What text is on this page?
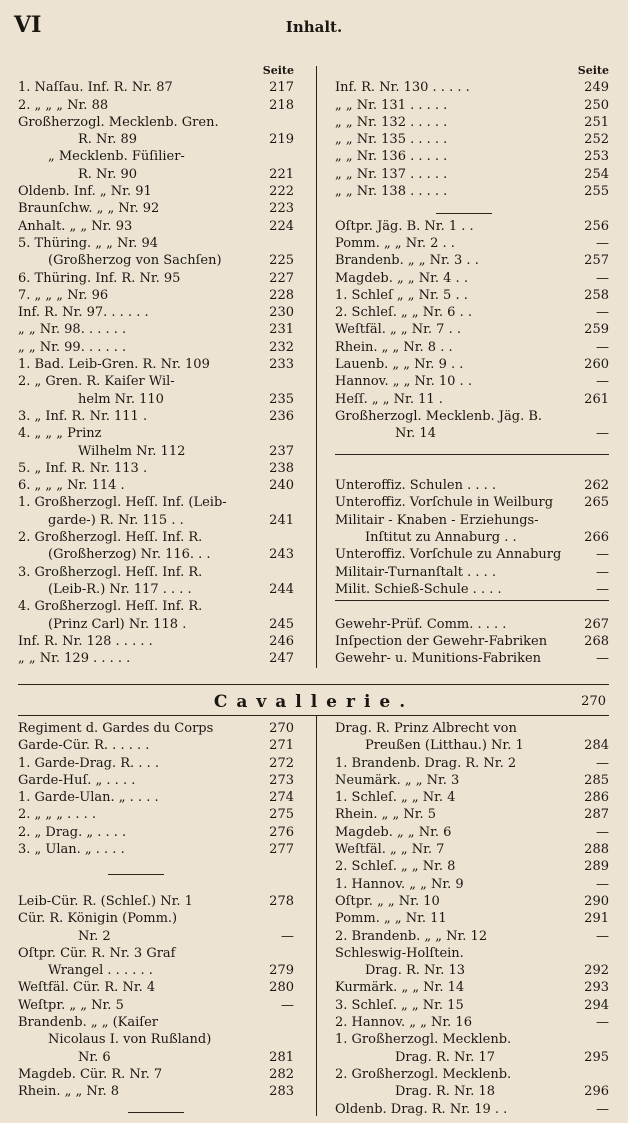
VI	Inhalt.
Seite
1. Naſſau. Inf. R. Nr. 87	217
2. „ „ „ Nr. 88	218
Großherzogl. Mecklenb. Gren.
R. Nr. 89	219
„ Mecklenb. Füſilier-
R. Nr. 90	221
Oldenb. Inf. „ Nr. 91	222
Braunſchw. „ „ Nr. 92	223
Anhalt. „ „ Nr. 93	224
5. Thüring. „ „ Nr. 94
(Großherzog von Sachſen)	225
6. Thüring. Inf. R. Nr. 95	227
7. „ „ „ Nr. 96	228
Inf. R. Nr. 97. . . . . .	230
„ „ Nr. 98. . . . . .	231
„ „ Nr. 99. . . . . .	232
1. Bad. Leib-Gren. R. Nr. 109	233
2. „ Gren. R. Kaiſer Wil-
helm Nr. 110	235
3. „ Inf. R. Nr. 111 .	236
4. „ „ „ Prinz
Wilhelm Nr. 112	237
5. „ Inf. R. Nr. 113 .	238
6. „ „ „ Nr. 114 .	240
1. Großherzogl. Heſſ. Inf. (Leib-
garde-) R. Nr. 115 . .	241
2. Großherzogl. Heſſ. Inf. R.
(Großherzog) Nr. 116. . .	243
3. Großherzogl. Heſſ. Inf. R.
(Leib-R.) Nr. 117 . . . .	244
4. Großherzogl. Heſſ. Inf. R.
(Prinz Carl) Nr. 118 .	245
Inf. R. Nr. 128 . . . . .	246
„ „ Nr. 129 . . . . .	247
Seite
Inf. R. Nr. 130 . . . . .	249
„ „ Nr. 131 . . . . .	250
„ „ Nr. 132 . . . . .	251
„ „ Nr. 135 . . . . .	252
„ „ Nr. 136 . . . . .	253
„ „ Nr. 137 . . . . .	254
„ „ Nr. 138 . . . . .	255
Oſtpr. Jäg. B. Nr. 1 . .	256
Pomm. „ „ Nr. 2 . .	—
Brandenb. „ „ Nr. 3 . .	257
Magdeb. „ „ Nr. 4 . .	—
1. Schleſ „ „ Nr. 5 . .	258
2. Schleſ. „ „ Nr. 6 . .	—
Weſtfäl. „ „ Nr. 7 . .	259
Rhein. „ „ Nr. 8 . .	—
Lauenb. „ „ Nr. 9 . .	260
Hannov. „ „ Nr. 10 . .	—
Heſſ. „ „ Nr. 11 .	261
Großherzogl. Mecklenb. Jäg. B.
Nr. 14	—
Unteroffiz. Schulen . . . .	262
Unteroffiz. Vorſchule in Weilburg	265
Militair - Knaben - Erziehungs-
Inſtitut zu Annaburg . .	266
Unteroffiz. Vorſchule zu Annaburg	—
Militair-Turnanſtalt . . . .	—
Milit. Schieß-Schule . . . .	—
Gewehr-Prüf. Comm. . . . .	267
Inſpection der Gewehr-Fabriken	268
Gewehr- u. Munitions-Fabriken	—
Cavallerie.	270
Regiment d. Gardes du Corps	270
Garde-Cür. R. . . . . .	271
1. Garde-Drag. R. . . .	272
Garde-Huſ. „ . . . .	273
1. Garde-Ulan. „ . . . .	274
2. „ „ „ . . . .	275
2. „ Drag. „ . . . .	276
3. „ Ulan. „ . . . .	277
Leib-Cür. R. (Schleſ.) Nr. 1	278
Cür. R. Königin (Pomm.)
Nr. 2	—
Oſtpr. Cür. R. Nr. 3 Graf
Wrangel . . . . . .	279
Weſtfäl. Cür. R. Nr. 4	280
Weſtpr. „ „ Nr. 5	—
Brandenb. „ „ (Kaiſer
Nicolaus I. von Rußland)
Nr. 6	281
Magdeb. Cür. R. Nr. 7	282
Rhein. „ „ Nr. 8	283
Drag. R. Prinz Albrecht von
Preußen (Litthau.) Nr. 1	284
1. Brandenb. Drag. R. Nr. 2	—
Neumärk. „ „ Nr. 3	285
1. Schleſ. „ „ Nr. 4	286
Rhein. „ „ Nr. 5	287
Magdeb. „ „ Nr. 6	—
Weſtfäl. „ „ Nr. 7	288
2. Schleſ. „ „ Nr. 8	289
1. Hannov. „ „ Nr. 9	—
Oſtpr. „ „ Nr. 10	290
Pomm. „ „ Nr. 11	291
2. Brandenb. „ „ Nr. 12	—
Schleswig-Holſtein.
Drag. R. Nr. 13	292
Kurmärk. „ „ Nr. 14	293
3. Schleſ. „ „ Nr. 15	294
2. Hannov. „ „ Nr. 16	—
1. Großherzogl. Mecklenb.
Drag. R. Nr. 17	295
2. Großherzogl. Mecklenb.
Drag. R. Nr. 18	296
Oldenb. Drag. R. Nr. 19 . .	—
